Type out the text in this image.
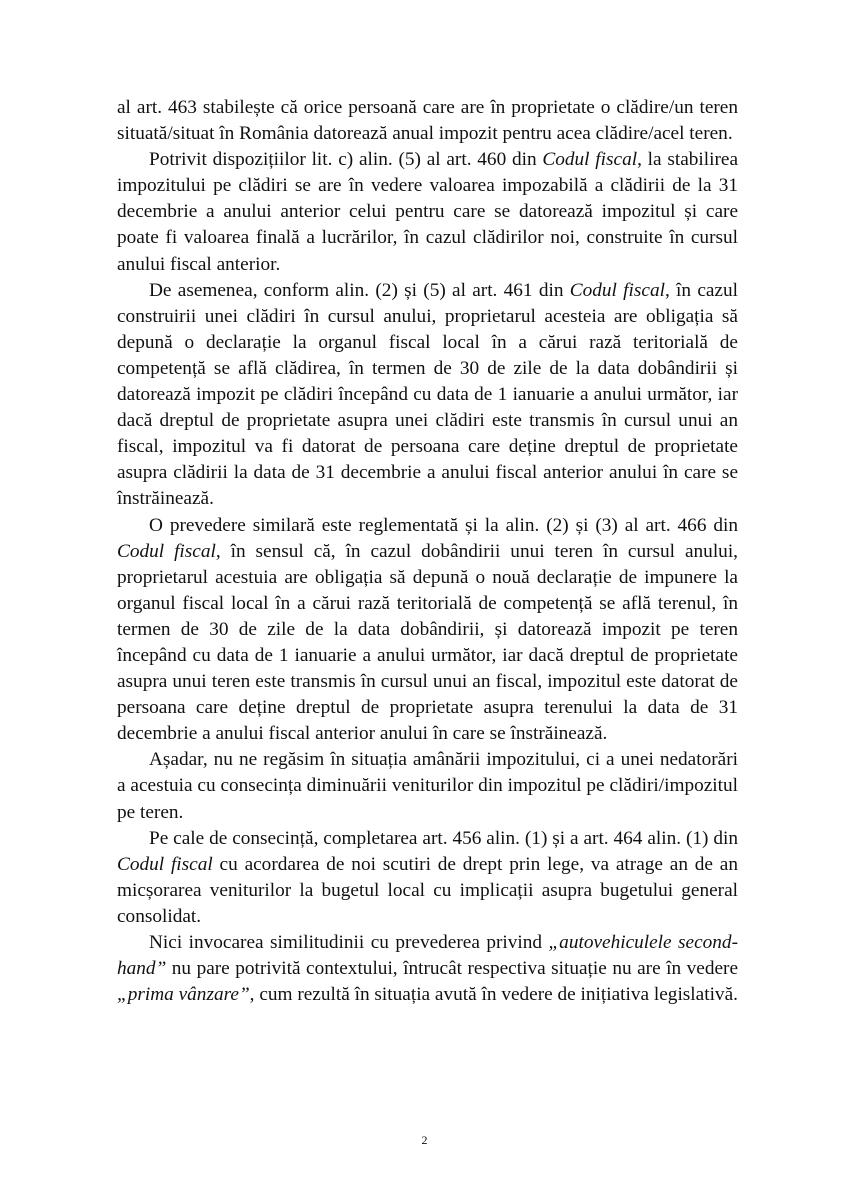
al art. 463 stabilește că orice persoană care are în proprietate o clădire/un teren situată/situat în România datorează anual impozit pentru acea clădire/acel teren.

Potrivit dispozițiilor lit. c) alin. (5) al art. 460 din Codul fiscal, la stabilirea impozitului pe clădiri se are în vedere valoarea impozabilă a clădirii de la 31 decembrie a anului anterior celui pentru care se datorează impozitul și care poate fi valoarea finală a lucrărilor, în cazul clădirilor noi, construite în cursul anului fiscal anterior.

De asemenea, conform alin. (2) și (5) al art. 461 din Codul fiscal, în cazul construirii unei clădiri în cursul anului, proprietarul acesteia are obligația să depună o declarație la organul fiscal local în a cărui rază teritorială de competență se află clădirea, în termen de 30 de zile de la data dobândirii și datorează impozit pe clădiri începând cu data de 1 ianuarie a anului următor, iar dacă dreptul de proprietate asupra unei clădiri este transmis în cursul unui an fiscal, impozitul va fi datorat de persoana care deține dreptul de proprietate asupra clădirii la data de 31 decembrie a anului fiscal anterior anului în care se înstrăinează.

O prevedere similară este reglementată și la alin. (2) și (3) al art. 466 din Codul fiscal, în sensul că, în cazul dobândirii unui teren în cursul anului, proprietarul acestuia are obligația să depună o nouă declarație de impunere la organul fiscal local în a cărui rază teritorială de competență se află terenul, în termen de 30 de zile de la data dobândirii, și datorează impozit pe teren începând cu data de 1 ianuarie a anului următor, iar dacă dreptul de proprietate asupra unui teren este transmis în cursul unui an fiscal, impozitul este datorat de persoana care deține dreptul de proprietate asupra terenului la data de 31 decembrie a anului fiscal anterior anului în care se înstrăinează.

Așadar, nu ne regăsim în situația amânării impozitului, ci a unei nedatorări a acestuia cu consecința diminuării veniturilor din impozitul pe clădiri/impozitul pe teren.

Pe cale de consecință, completarea art. 456 alin. (1) și a art. 464 alin. (1) din Codul fiscal cu acordarea de noi scutiri de drept prin lege, va atrage an de an micșorarea veniturilor la bugetul local cu implicații asupra bugetului general consolidat.

Nici invocarea similitudinii cu prevederea privind „autovehiculele second-hand” nu pare potrivită contextului, întrucât respectiva situație nu are în vedere „prima vânzare”, cum rezultă în situația avută în vedere de inițiativa legislativă.

2
